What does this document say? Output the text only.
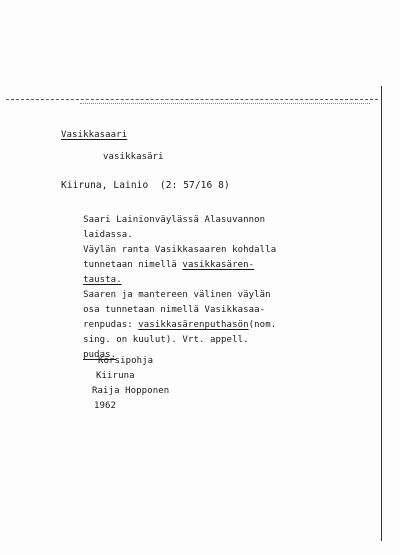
Vasikkasaari
vasikkasäri
Kiiruna, Lainio  (2: 57/16 8)

Saari Lainionväylässä Alasuvannon

laidassa.

Väylän ranta Vasikkasaaren kohdalla

tunnetaan nimellä vasikkasären-

tausta.

Saaren ja mantereen välinen väylän

osa tunnetaan nimellä Vasikkasaa-

renpudas: vasikkasärenputhasön(nom.

sing. on kuulut). Vrt. appell.

pudas.

Körsipohja
Kiiruna
Raija Hopponen
1962
